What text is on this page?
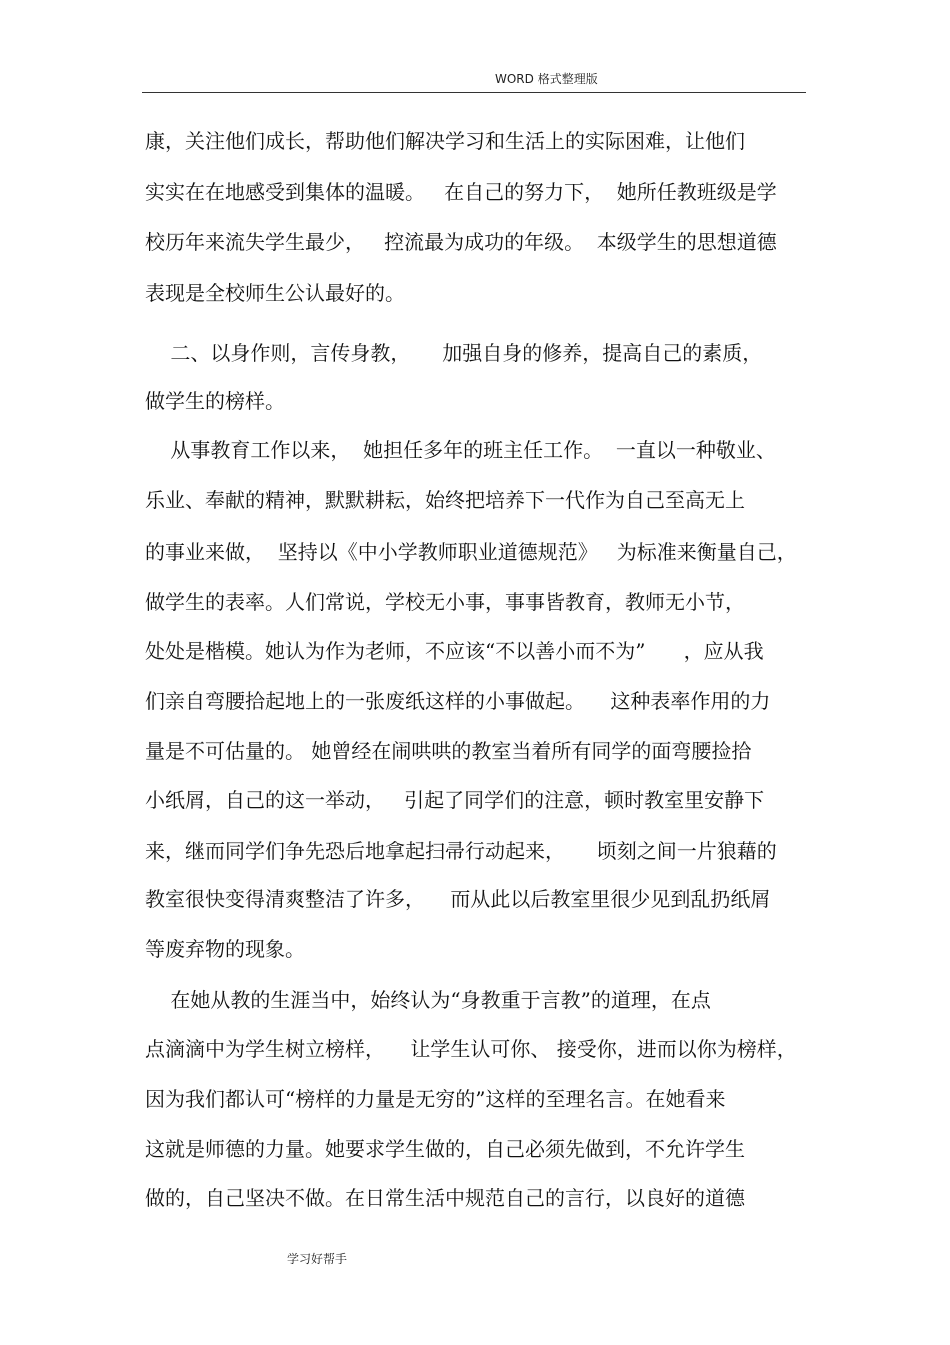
WORD 格式整理版
康，关注他们成长，帮助他们解决学习和生活上的实际困难，让他们
实实在在地感受到集体的温暖。   在自己的努力下，  她所任教班级是学
校历年来流失学生最少，   控流最为成功的年级。  本级学生的思想道德
表现是全校师生公认最好的。
二、以身作则，言传身教，     加强自身的修养，提高自己的素质，
做学生的榜样。
从事教育工作以来，  她担任多年的班主任工作。  一直以一种敬业、
乐业、奉献的精神，默默耕耘，始终把培养下一代作为自己至高无上
的事业来做，  坚持以《中小学教师职业道德规范》   为标准来衡量自己，
做学生的表率。人们常说，学校无小事，事事皆教育，教师无小节，
处处是楷模。她认为作为老师，不应该“不以善小而不为”      ，应从我
们亲自弯腰拾起地上的一张废纸这样的小事做起。    这种表率作用的力
量是不可估量的。 她曾经在闹哄哄的教室当着所有同学的面弯腰捡拾
小纸屑，自己的这一举动，   引起了同学们的注意，顿时教室里安静下
来，继而同学们争先恐后地拿起扫帚行动起来，     顷刻之间一片狼藉的
教室很快变得清爽整洁了许多，    而从此以后教室里很少见到乱扔纸屑
等废弃物的现象。
在她从教的生涯当中，始终认为“身教重于言教”的道理，在点
点滴滴中为学生树立榜样，    让学生认可你、 接受你，进而以你为榜样，
因为我们都认可“榜样的力量是无穷的”这样的至理名言。在她看来
这就是师德的力量。她要求学生做的，自己必须先做到，不允许学生
做的，自己坚决不做。在日常生活中规范自己的言行，以良好的道德
学习好帮手
